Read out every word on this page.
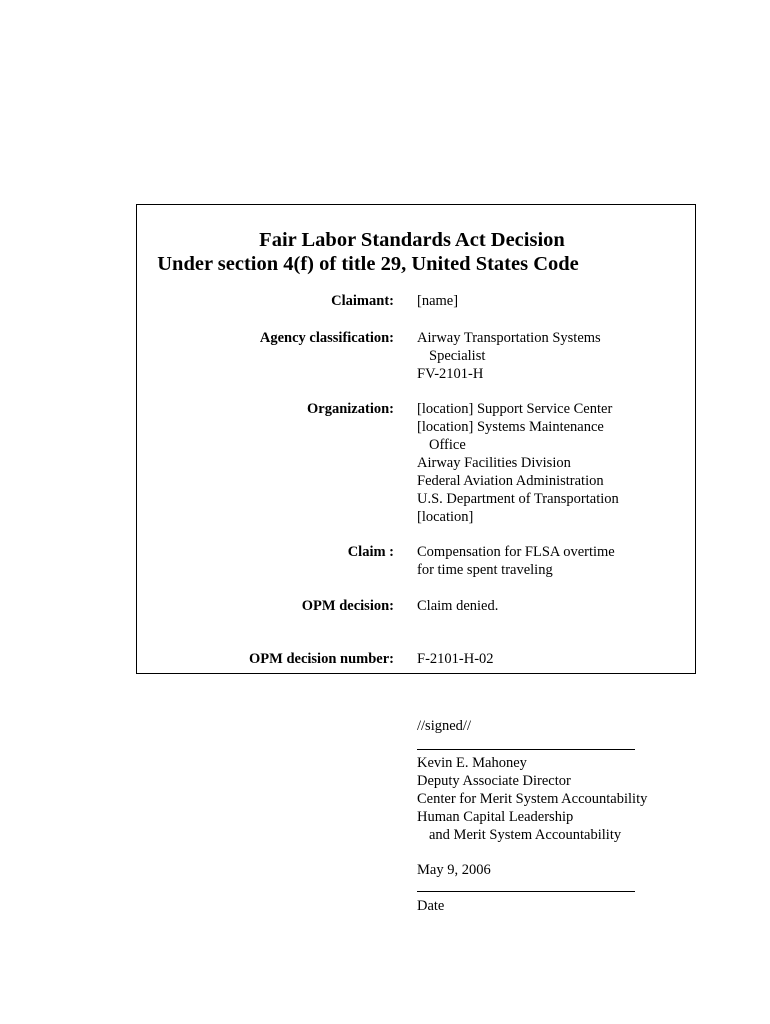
Fair Labor Standards Act Decision
Under section 4(f) of title 29, United States Code
Claimant: [name]
Agency classification: Airway Transportation Systems
Specialist
FV-2101-H
Organization: [location] Support Service Center
[location] Systems Maintenance
Office
Airway Facilities Division
Federal Aviation Administration
U.S. Department of Transportation
[location]
Claim : Compensation for FLSA overtime
for time spent traveling
OPM decision: Claim denied.
OPM decision number: F-2101-H-02
//signed//
Kevin E. Mahoney
Deputy Associate Director
Center for Merit System Accountability
Human Capital Leadership
and Merit System Accountability
May 9, 2006
Date
